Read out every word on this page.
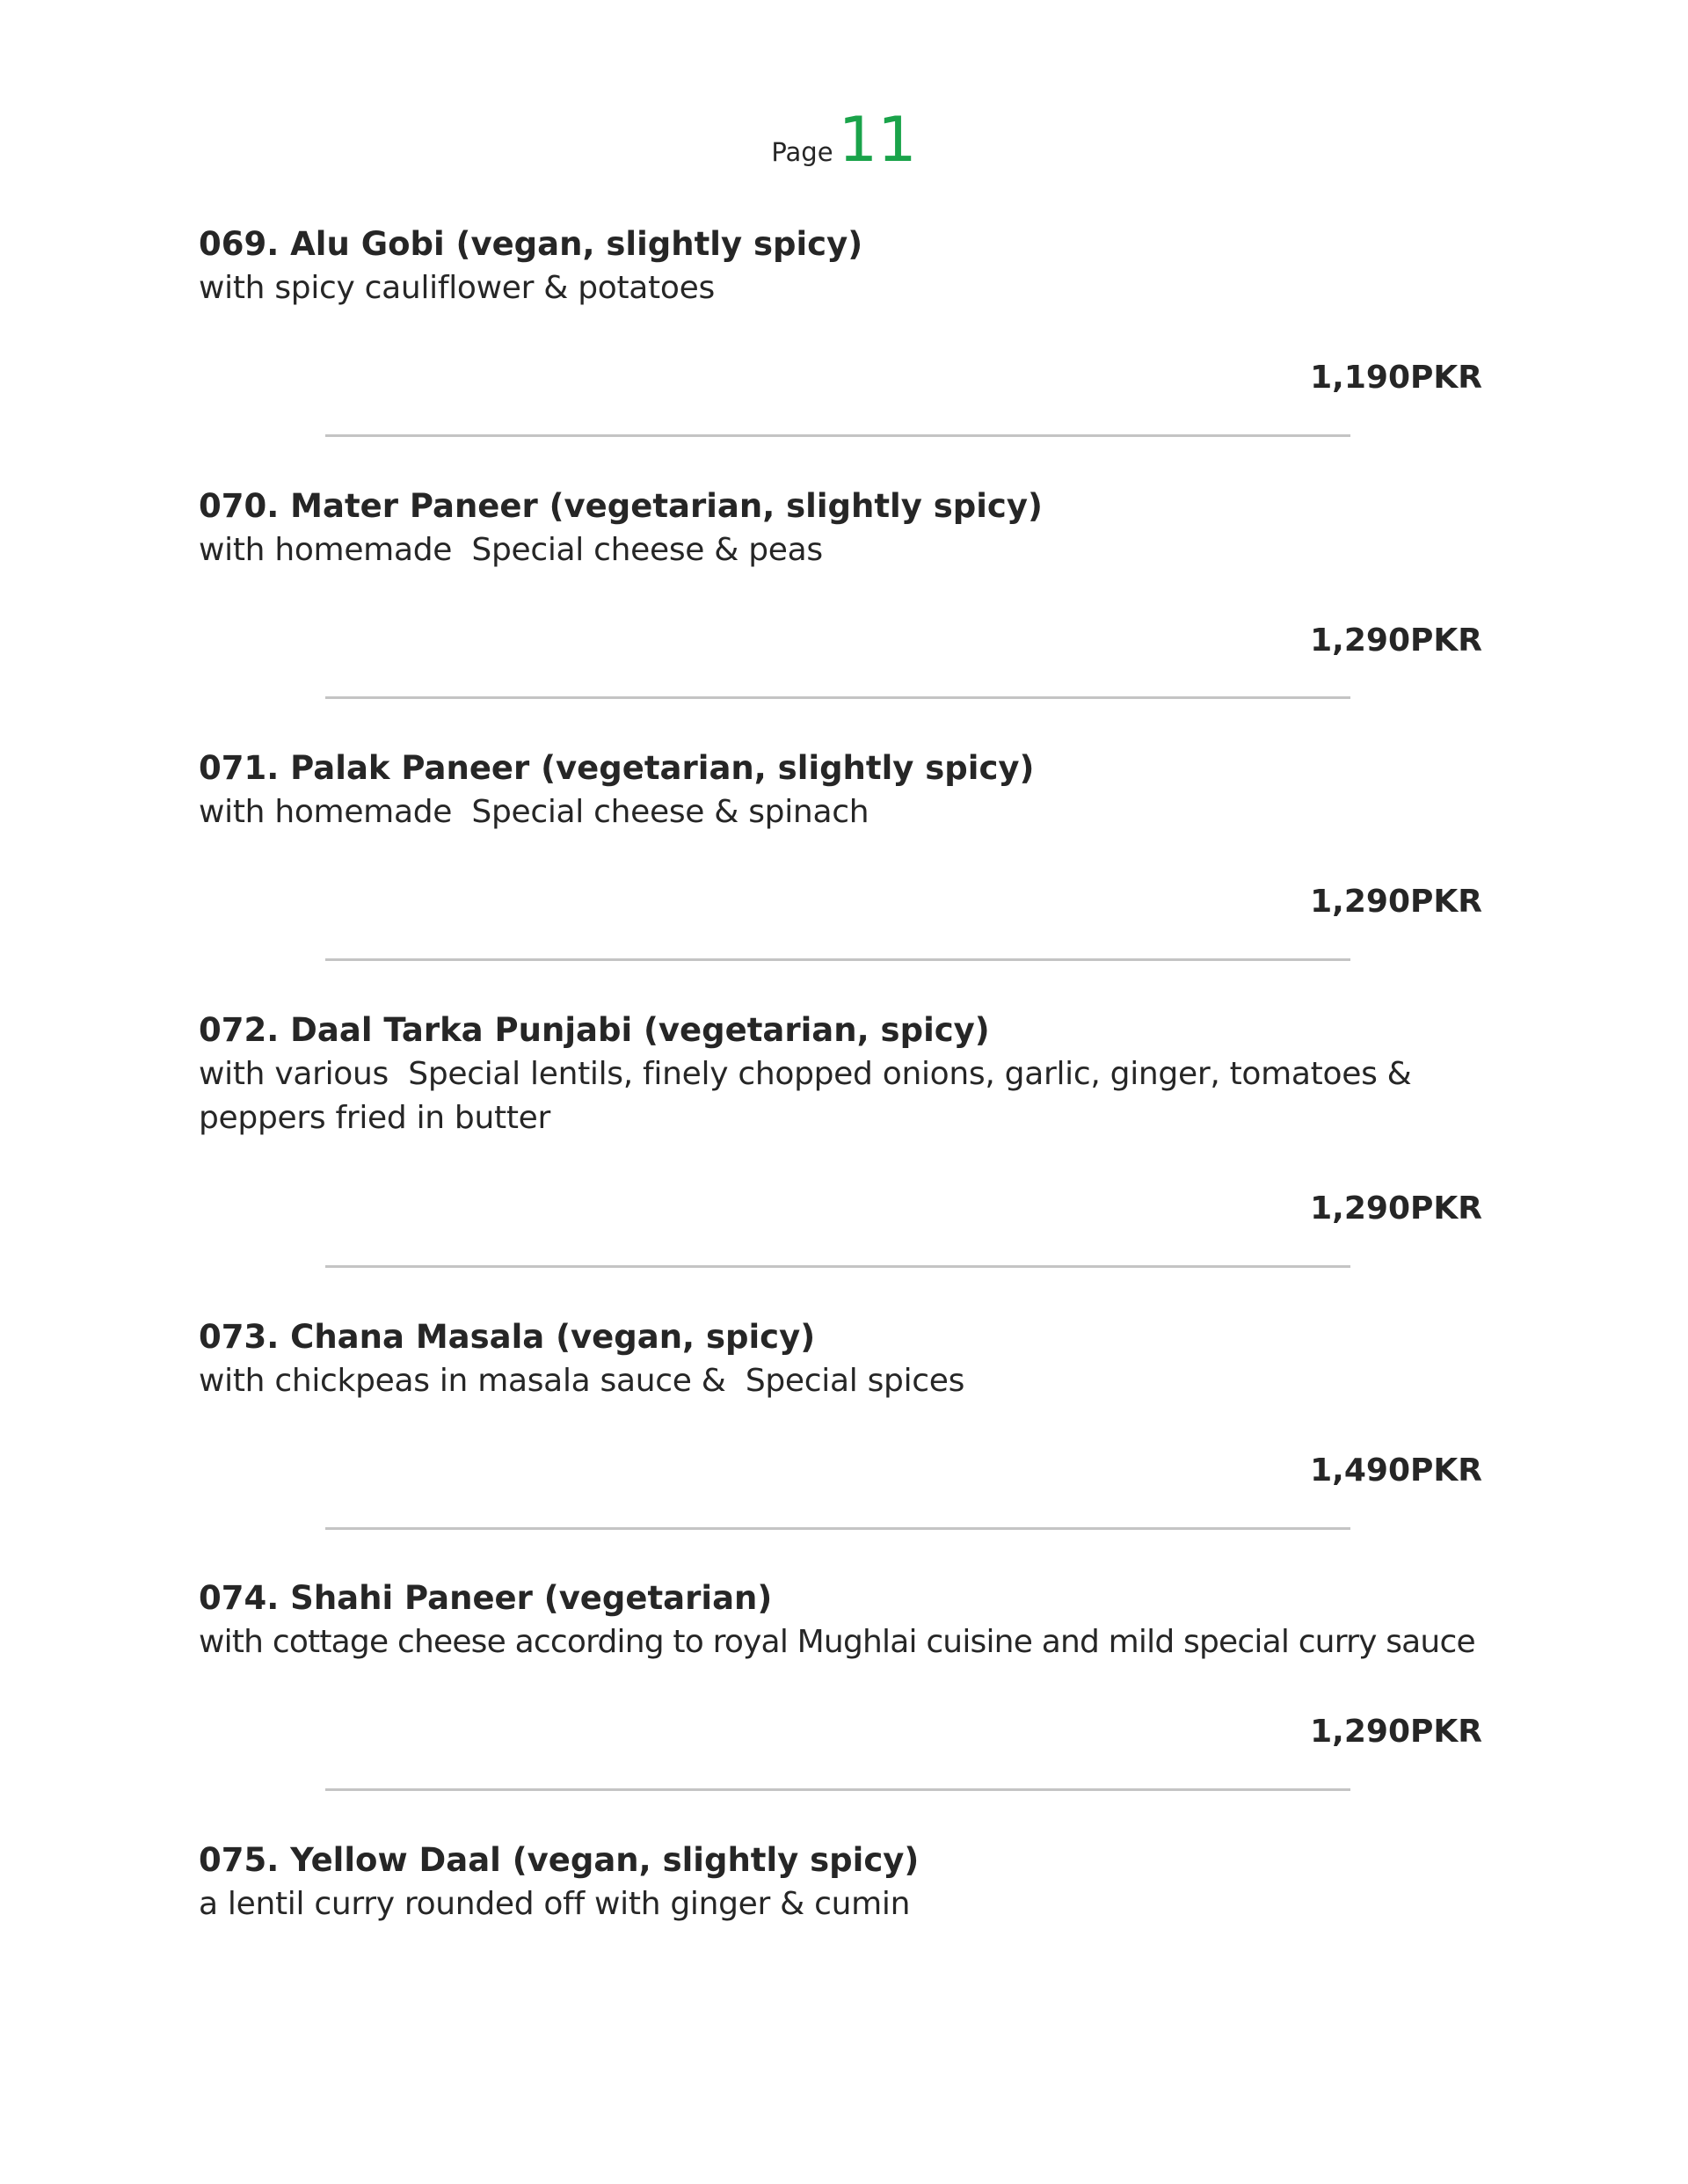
Page11
069. Alu Gobi (vegan, slightly spicy)
with spicy cauliflower & potatoes
1,190PKR
070. Mater Paneer (vegetarian, slightly spicy)
with homemade  Special cheese & peas
1,290PKR
071. Palak Paneer (vegetarian, slightly spicy)
with homemade  Special cheese & spinach
1,290PKR
072. Daal Tarka Punjabi (vegetarian, spicy)
with various  Special lentils, finely chopped onions, garlic, ginger, tomatoes & peppers fried in butter
1,290PKR
073. Chana Masala (vegan, spicy)
with chickpeas in masala sauce &  Special spices
1,490PKR
074. Shahi Paneer (vegetarian)
with cottage cheese according to royal Mughlai cuisine and mild special curry sauce
1,290PKR
075. Yellow Daal (vegan, slightly spicy)
a lentil curry rounded off with ginger & cumin
